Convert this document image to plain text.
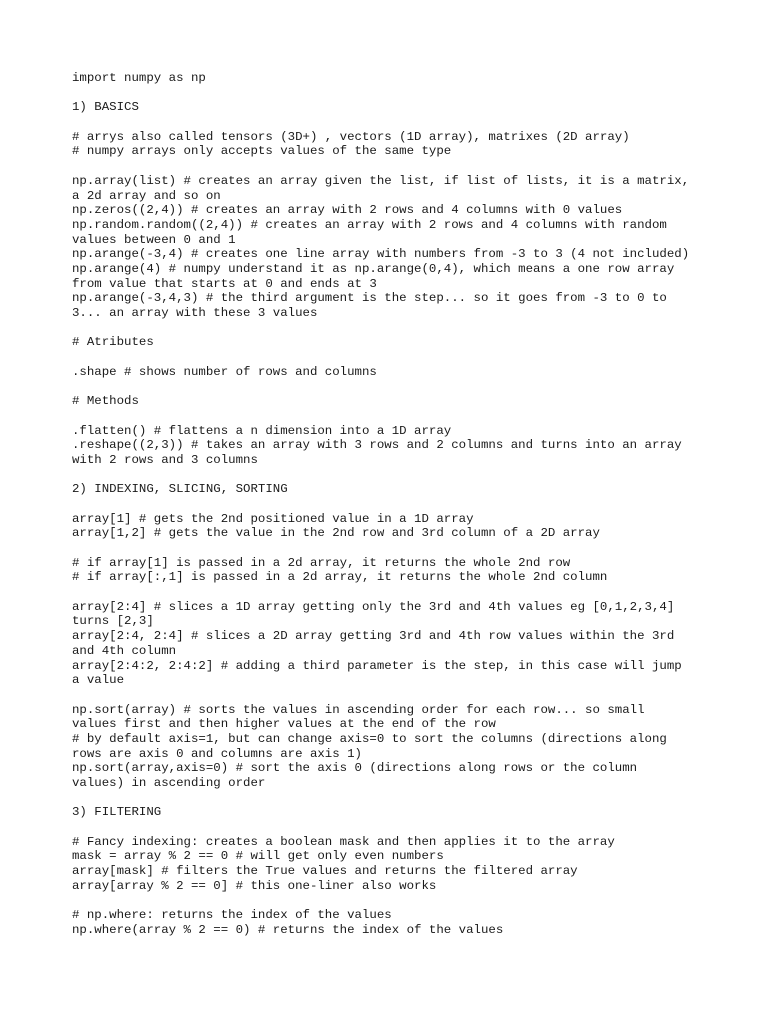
import numpy as np
1) BASICS
# arrys also called tensors (3D+) , vectors (1D array), matrixes (2D array)
# numpy arrays only accepts values of the same type
np.array(list) # creates an array given the list, if list of lists, it is a matrix,
a 2d array and so on
np.zeros((2,4)) # creates an array with 2 rows and 4 columns with 0 values
np.random.random((2,4)) # creates an array with 2 rows and 4 columns with random
values between 0 and 1
np.arange(-3,4) # creates one line array with numbers from -3 to 3 (4 not included)
np.arange(4) # numpy understand it as np.arange(0,4), which means a one row array
from value that starts at 0 and ends at 3
np.arange(-3,4,3) # the third argument is the step... so it goes from -3 to 0 to
3... an array with these 3 values
# Atributes
.shape # shows number of rows and columns
# Methods
.flatten() # flattens a n dimension into a 1D array
.reshape((2,3)) # takes an array with 3 rows and 2 columns and turns into an array
with 2 rows and 3 columns
2) INDEXING, SLICING, SORTING
array[1] # gets the 2nd positioned value in a 1D array
array[1,2] # gets the value in the 2nd row and 3rd column of a 2D array
# if array[1] is passed in a 2d array, it returns the whole 2nd row
# if array[:,1] is passed in a 2d array, it returns the whole 2nd column
array[2:4] # slices a 1D array getting only the 3rd and 4th values eg [0,1,2,3,4]
turns [2,3]
array[2:4, 2:4] # slices a 2D array getting 3rd and 4th row values within the 3rd
and 4th column
array[2:4:2, 2:4:2] # adding a third parameter is the step, in this case will jump
a value
np.sort(array) # sorts the values in ascending order for each row... so small
values first and then higher values at the end of the row
# by default axis=1, but can change axis=0 to sort the columns (directions along
rows are axis 0 and columns are axis 1)
np.sort(array,axis=0) # sort the axis 0 (directions along rows or the column
values) in ascending order
3) FILTERING
# Fancy indexing: creates a boolean mask and then applies it to the array
mask = array % 2 == 0 # will get only even numbers
array[mask] # filters the True values and returns the filtered array
array[array % 2 == 0] # this one-liner also works
# np.where: returns the index of the values
np.where(array % 2 == 0) # returns the index of the values
